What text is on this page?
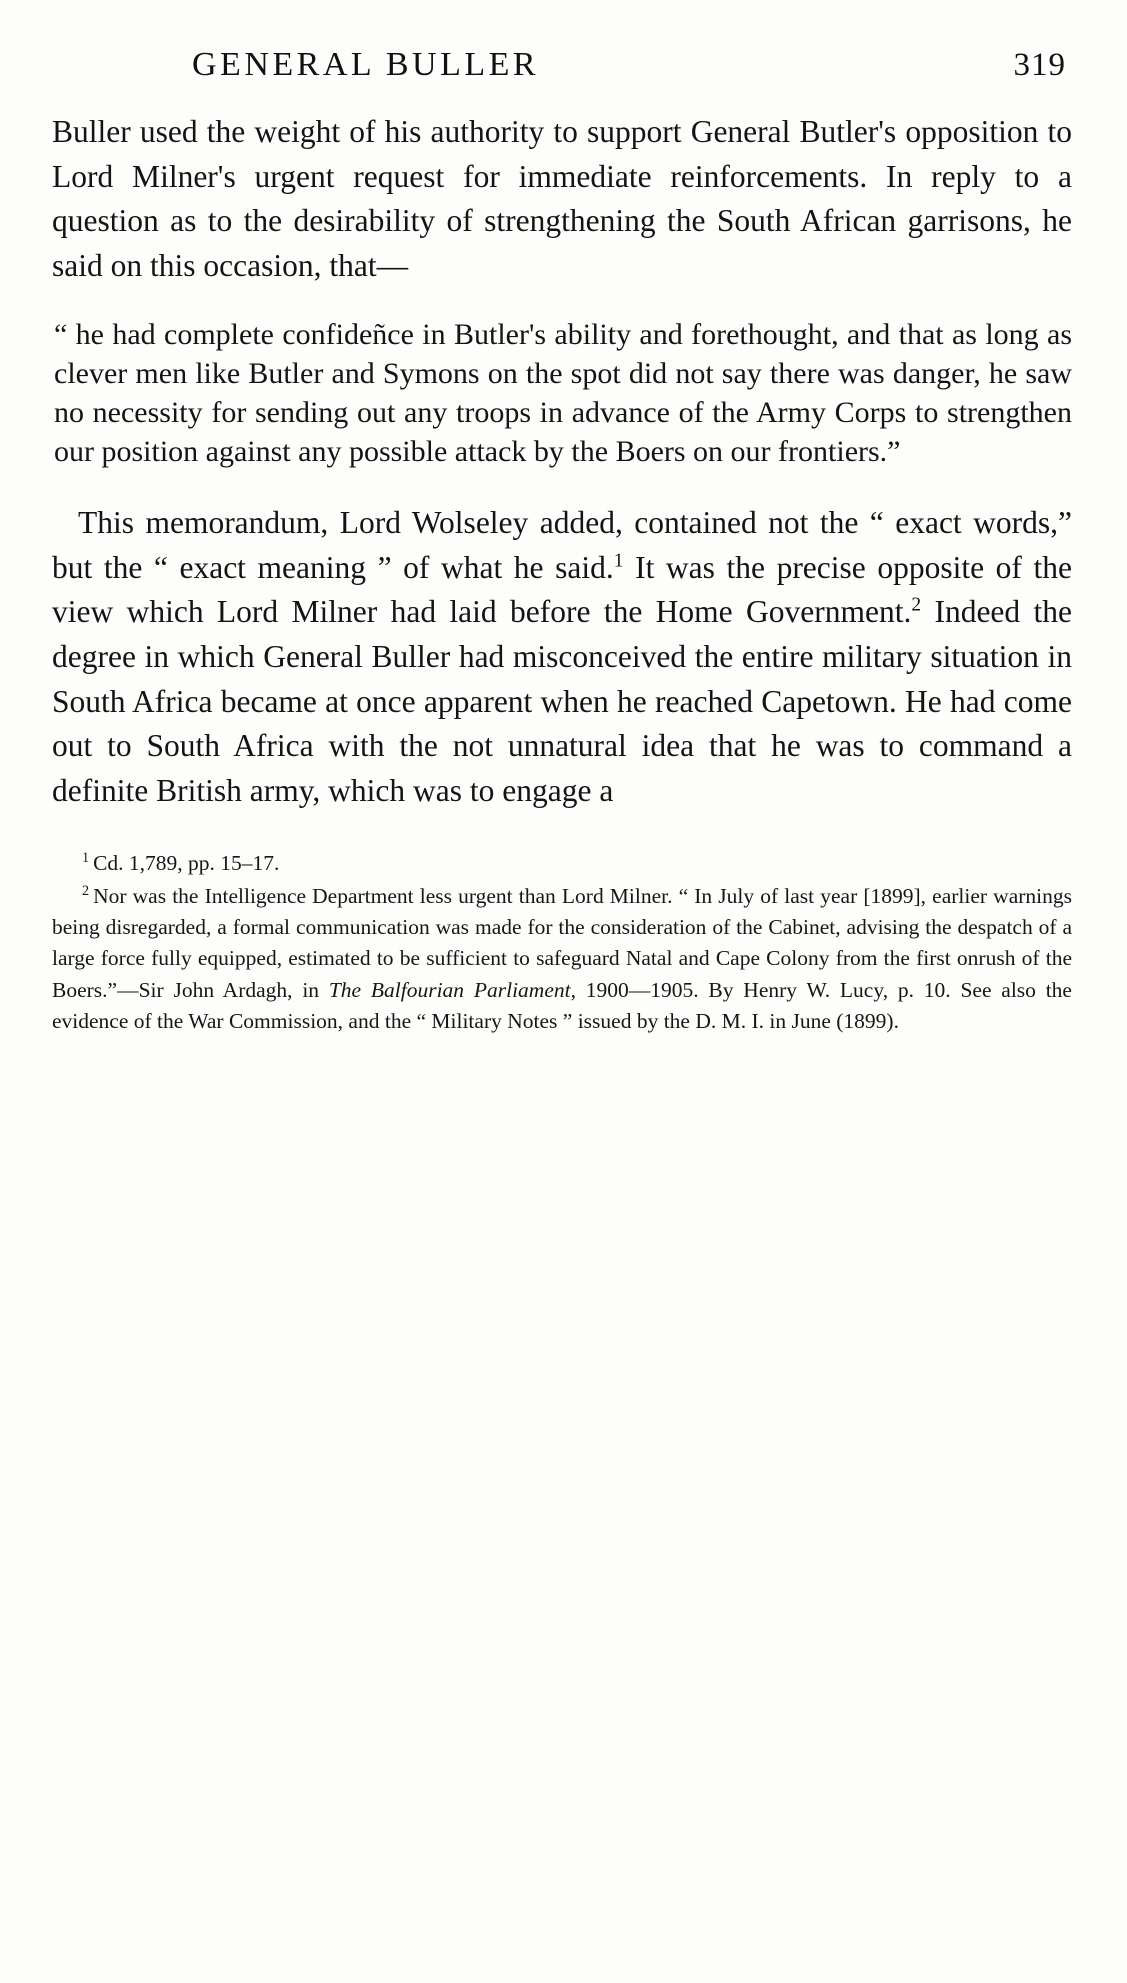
GENERAL BULLER	319

Buller used the weight of his authority to support General Butler's opposition to Lord Milner's urgent request for immediate reinforcements. In reply to a question as to the desirability of strengthening the South African garrisons, he said on this occasion, that—

“ he had complete confideñce in Butler's ability and forethought, and that as long as clever men like Butler and Symons on the spot did not say there was danger, he saw no necessity for sending out any troops in advance of the Army Corps to strengthen our position against any possible attack by the Boers on our frontiers.”

This memorandum, Lord Wolseley added, contained not the “ exact words,” but the “ exact meaning ” of what he said.$^1$ It was the precise opposite of the view which Lord Milner had laid before the Home Government.$^2$ Indeed the degree in which General Buller had misconceived the entire military situation in South Africa became at once apparent when he reached Capetown. He had come out to South Africa with the not unnatural idea that he was to command a definite British army, which was to engage a

$^1$ Cd. 1,789, pp. 15–17.

$^2$ Nor was the Intelligence Department less urgent than Lord Milner. “ In July of last year [1899], earlier warnings being disregarded, a formal communication was made for the consideration of the Cabinet, advising the despatch of a large force fully equipped, estimated to be sufficient to safeguard Natal and Cape Colony from the first onrush of the Boers.”—Sir John Ardagh, in The Balfourian Parliament, 1900—1905. By Henry W. Lucy, p. 10. See also the evidence of the War Commission, and the “ Military Notes ” issued by the D. M. I. in June (1899).
